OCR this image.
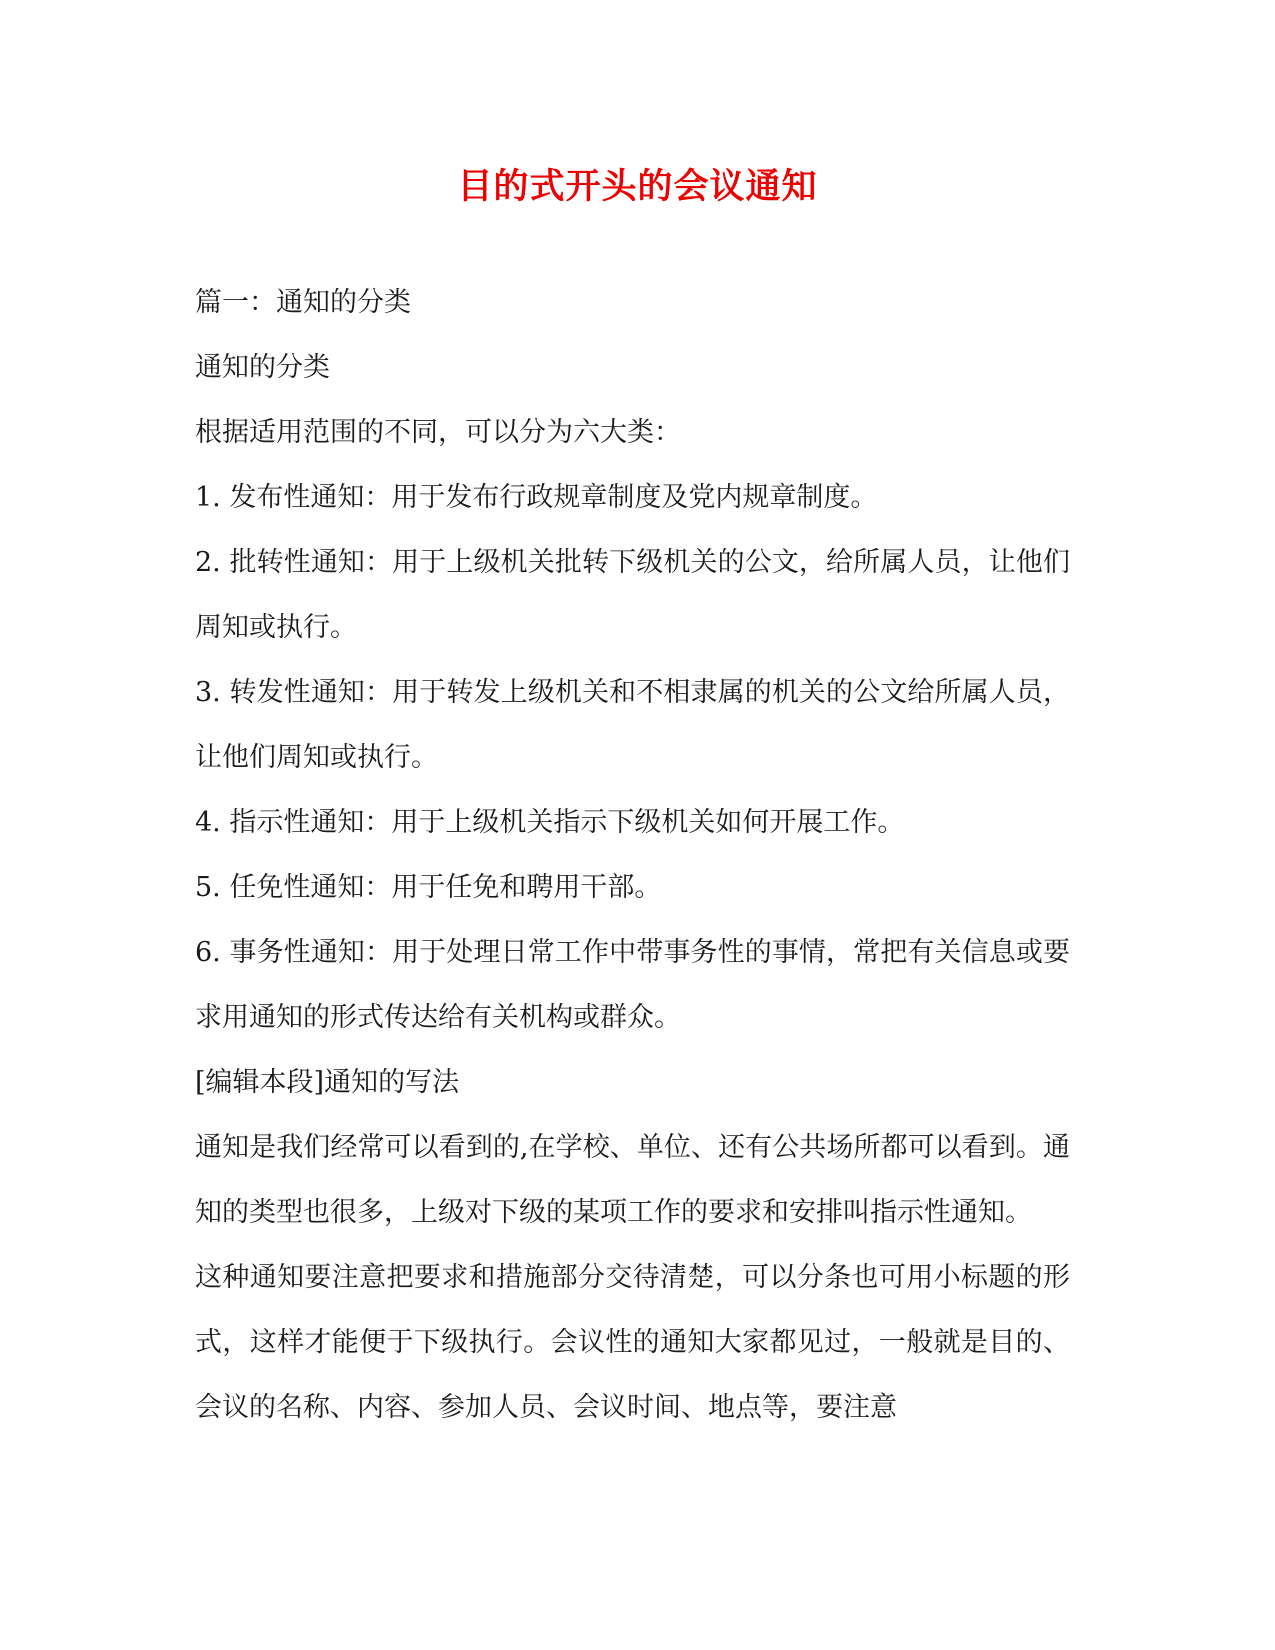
目的式开头的会议通知

篇一：通知的分类

通知的分类

根据适用范围的不同，可以分为六大类：

1. 发布性通知：用于发布行政规章制度及党内规章制度。

2. 批转性通知：用于上级机关批转下级机关的公文，给所属人员，让他们周知或执行。

3. 转发性通知：用于转发上级机关和不相隶属的机关的公文给所属人员，让他们周知或执行。

4. 指示性通知：用于上级机关指示下级机关如何开展工作。

5. 任免性通知：用于任免和聘用干部。

6. 事务性通知：用于处理日常工作中带事务性的事情，常把有关信息或要求用通知的形式传达给有关机构或群众。

[编辑本段]通知的写法

通知是我们经常可以看到的,在学校、单位、还有公共场所都可以看到。通知的类型也很多，上级对下级的某项工作的要求和安排叫指示性通知。

这种通知要注意把要求和措施部分交待清楚，可以分条也可用小标题的形式，这样才能便于下级执行。会议性的通知大家都见过，一般就是目的、会议的名称、内容、参加人员、会议时间、地点等，要注意
